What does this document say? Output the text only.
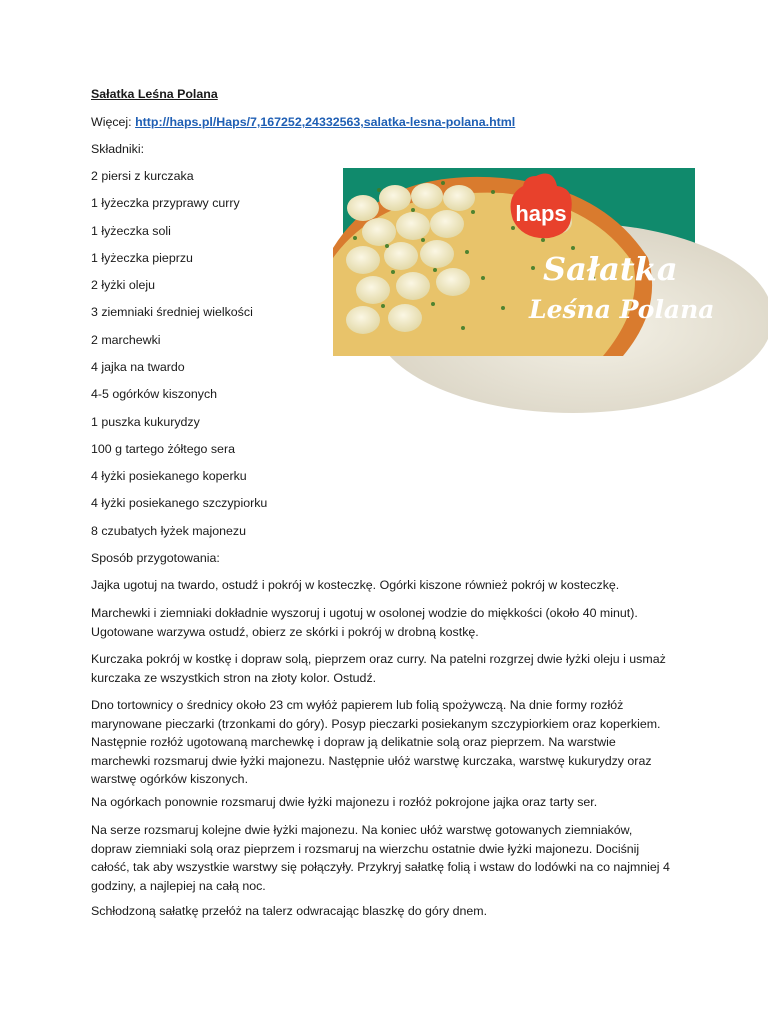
Sałatka Leśna Polana
Więcej: http://haps.pl/Haps/7,167252,24332563,salatka-lesna-polana.html
Składniki:
2 piersi z kurczaka
1 łyżeczka przyprawy curry
1 łyżeczka soli
1 łyżeczka pieprzu
2 łyżki oleju
3 ziemniaki średniej wielkości
2 marchewki
4 jajka na twardo
4-5 ogórków kiszonych
1 puszka kukurydzy
100 g tartego żółtego sera
4 łyżki posiekanego koperku
4 łyżki posiekanego szczypiorku
8 czubatych łyżek majonezu
Sposób przygotowania:
Jajka ugotuj na twardo, ostudź i pokrój w kosteczkę. Ogórki kiszone również pokrój w kosteczkę.
Marchewki i ziemniaki dokładnie wyszoruj i ugotuj w osolonej wodzie do miękkości (około 40 minut). Ugotowane warzywa ostudź, obierz ze skórki i pokrój w drobną kostkę.
Kurczaka pokrój w kostkę i dopraw solą, pieprzem oraz curry. Na patelni rozgrzej dwie łyżki oleju i usmaż kurczaka ze wszystkich stron na złoty kolor. Ostudź.
Dno tortownicy o średnicy około 23 cm wyłóż papierem lub folią spożywczą. Na dnie formy rozłóż marynowane pieczarki (trzonkami do góry). Posyp pieczarki posiekanym szczypiorkiem oraz koperkiem. Następnie rozłóż ugotowaną marchewkę i dopraw ją delikatnie solą oraz pieprzem. Na warstwie marchewki rozsmaruj dwie łyżki majonezu. Następnie ułóż warstwę kurczaka, warstwę kukurydzy oraz warstwę ogórków kiszonych.
Na ogórkach ponownie rozsmaruj dwie łyżki majonezu i rozłóż pokrojone jajka oraz tarty ser.
Na serze rozsmaruj kolejne dwie łyżki majonezu. Na koniec ułóż warstwę gotowanych ziemniaków, dopraw ziemniaki solą oraz pieprzem i rozsmaruj na wierzchu ostatnie dwie łyżki majonezu. Dociśnij całość, tak aby wszystkie warstwy się połączyły. Przykryj sałatkę folią i wstaw do lodówki na co najmniej 4 godziny, a najlepiej na całą noc.
Schłodzoną sałatkę przełóż na talerz odwracając blaszkę do góry dnem.
haps
Sałatka
Leśna Polana
